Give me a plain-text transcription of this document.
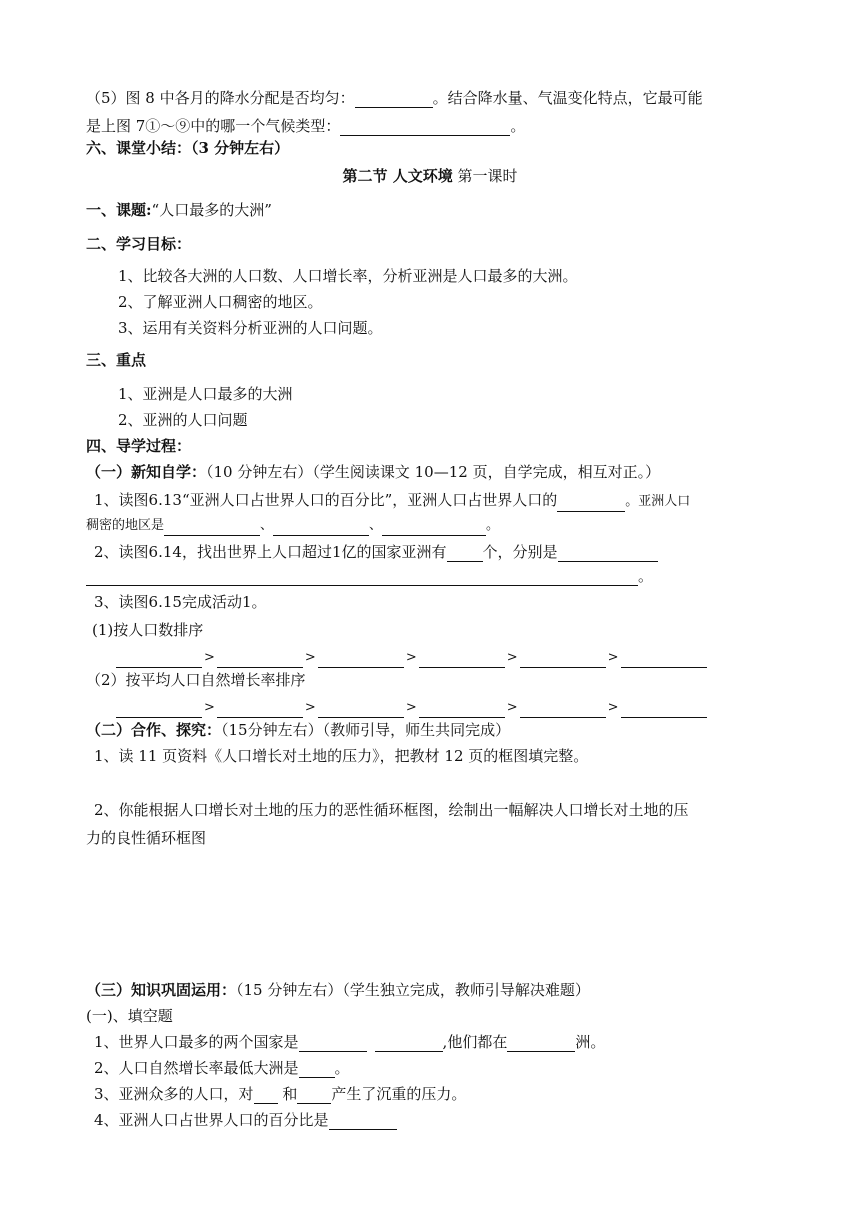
（5）图 8 中各月的降水分配是否均匀：	。结合降水量、气温变化特点，它最可能
是上图 7①～⑨中的哪一个气候类型：	。
六、课堂小结：（3 分钟左右）
第二节 人文环境 第一课时
一、课题:“人口最多的大洲”
二、学习目标：
1、比较各大洲的人口数、人口增长率，分析亚洲是人口最多的大洲。
2、了解亚洲人口稠密的地区。
3、运用有关资料分析亚洲的人口问题。
三、重点
1、亚洲是人口最多的大洲
2、亚洲的人口问题
四、导学过程：
（一）新知自学：（10 分钟左右）（学生阅读课文 10—12 页，自学完成，相互对正。）
1、读图6.13“亚洲人口占世界人口的百分比”，亚洲人口占世界人口的	。亚洲人口
稠密的地区是	、	、	。
2、读图6.14，找出世界上人口超过1亿的国家亚洲有 个，分别是
。
3、读图6.15完成活动1。
(1)按人口数排序
>	>	>	>	>
（2）按平均人口自然增长率排序
>	>	>	>	>
（二）合作、探究：（15分钟左右）（教师引导，师生共同完成）
1、读 11 页资料《人口增长对土地的压力》，把教材 12 页的框图填完整。
2、你能根据人口增长对土地的压力的恶性循环框图，绘制出一幅解决人口增长对土地的压
力的良性循环框图
（三）知识巩固运用：（15 分钟左右）（学生独立完成，教师引导解决难题）
(一)、填空题
1、世界人口最多的两个国家是	,他们都在	洲。
2、人口自然增长率最低大洲是 。
3、亚洲众多的人口，对 和 产生了沉重的压力。
4、亚洲人口占世界人口的百分比是
